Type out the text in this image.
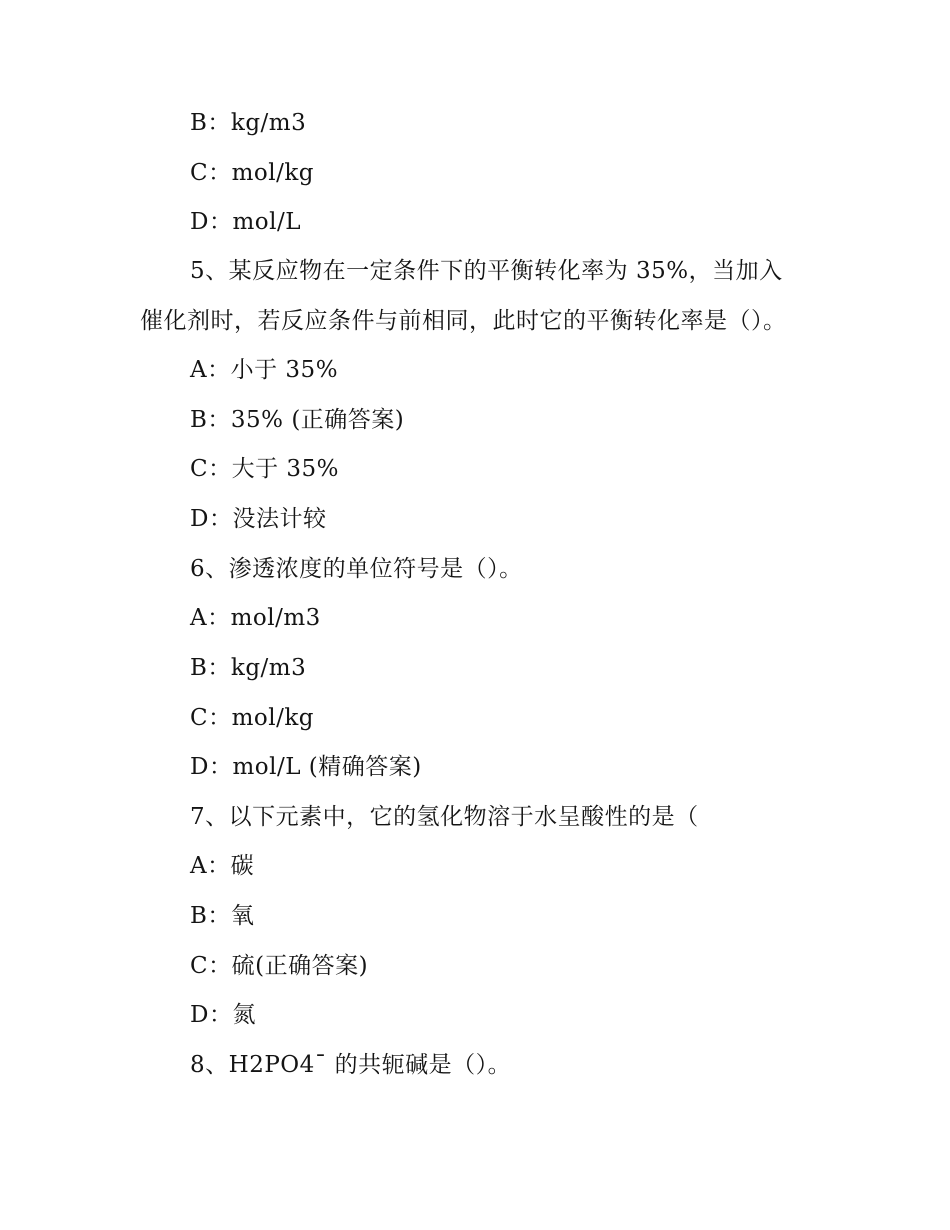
B：kg/m3
C：mol/kg
D：mol/L
5、某反应物在一定条件下的平衡转化率为 35%，当加入
催化剂时，若反应条件与前相同，此时它的平衡转化率是（）。
A：小于 35%
B：35% (正确答案)
C：大于 35%
D：没法计较
6、渗透浓度的单位符号是（）。
A：mol/m3
B：kg/m3
C：mol/kg
D：mol/L (精确答案)
7、以下元素中，它的氢化物溶于水呈酸性的是（
A：碳
B：氧
C：硫(正确答案)
D：氮
8、H2PO4ˉ 的共轭碱是（）。
